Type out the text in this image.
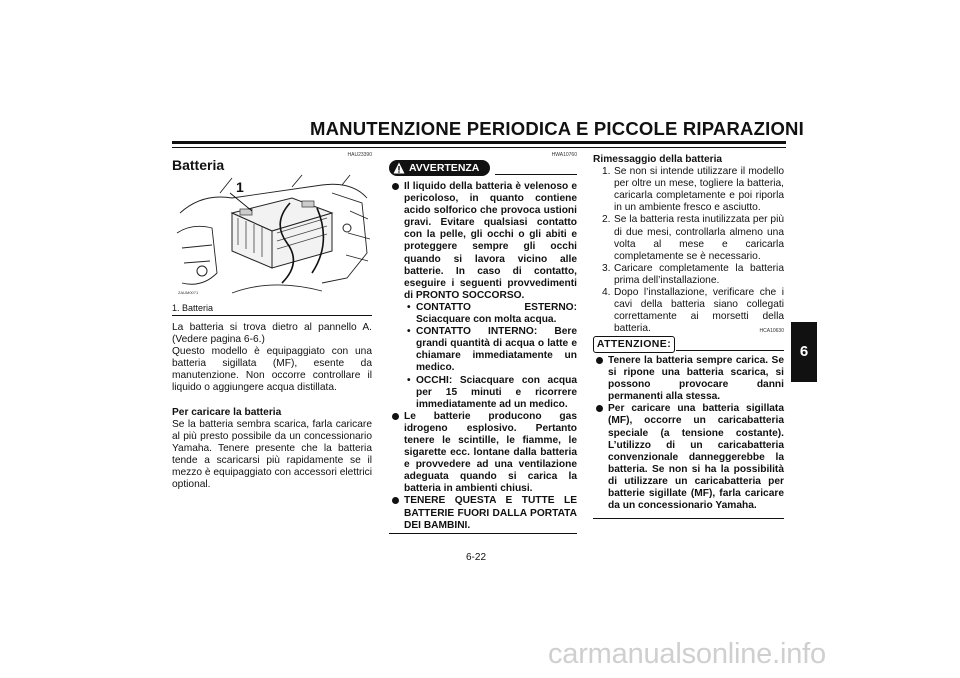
MANUTENZIONE PERIODICA E PICCOLE RIPARAZIONI
6
HAU23390
Batteria
1
ZAUM0071
1. Batteria
La batteria si trova dietro al pannello A. (Vedere pagina 6-6.)
Questo modello è equipaggiato con una batteria sigillata (MF), esente da manutenzione. Non occorre controllare il liquido o aggiungere acqua distillata.
Per caricare la batteria
Se la batteria sembra scarica, farla caricare al più presto possibile da un concessionario Yamaha. Tenere presente che la batteria tende a scaricarsi più rapidamente se il mezzo è equipaggiato con accessori elettrici optional.
HWA10760
AVVERTENZA
Il liquido della batteria è velenoso e pericoloso, in quanto contiene acido solforico che provoca ustioni gravi. Evitare qualsiasi contatto con la pelle, gli occhi o gli abiti e proteggere sempre gli occhi quando si lavora vicino alle batterie. In caso di contatto, eseguire i seguenti provvedimenti di PRONTO SOCCORSO.
• CONTATTO ESTERNO: Sciacquare con molta acqua.
• CONTATTO INTERNO: Bere grandi quantità di acqua o latte e chiamare immediatamente un medico.
• OCCHI: Sciacquare con acqua per 15 minuti e ricorrere immediatamente ad un medico.
Le batterie producono gas idrogeno esplosivo. Pertanto tenere le scintille, le fiamme, le sigarette ecc. lontane dalla batteria e provvedere ad una ventilazione adeguata quando si carica la batteria in ambienti chiusi.
TENERE QUESTA E TUTTE LE BATTERIE FUORI DALLA PORTATA DEI BAMBINI.
Rimessaggio della batteria
1. Se non si intende utilizzare il modello per oltre un mese, togliere la batteria, caricarla completamente e poi riporla in un ambiente fresco e asciutto.
2. Se la batteria resta inutilizzata per più di due mesi, controllarla almeno una volta al mese e caricarla completamente se è necessario.
3. Caricare completamente la batteria prima dell’installazione.
4. Dopo l’installazione, verificare che i cavi della batteria siano collegati correttamente ai morsetti della batteria.	HCA10630
ATTENZIONE:
Tenere la batteria sempre carica. Se si ripone una batteria scarica, si possono provocare danni permanenti alla stessa.
Per caricare una batteria sigillata (MF), occorre un caricabatteria speciale (a tensione costante). L’utilizzo di un caricabatteria convenzionale danneggerebbe la batteria. Se non si ha la possibilità di utilizzare un caricabatteria per batterie sigillate (MF), farla caricare da un concessionario Yamaha.
6-22
carmanualsonline.info
